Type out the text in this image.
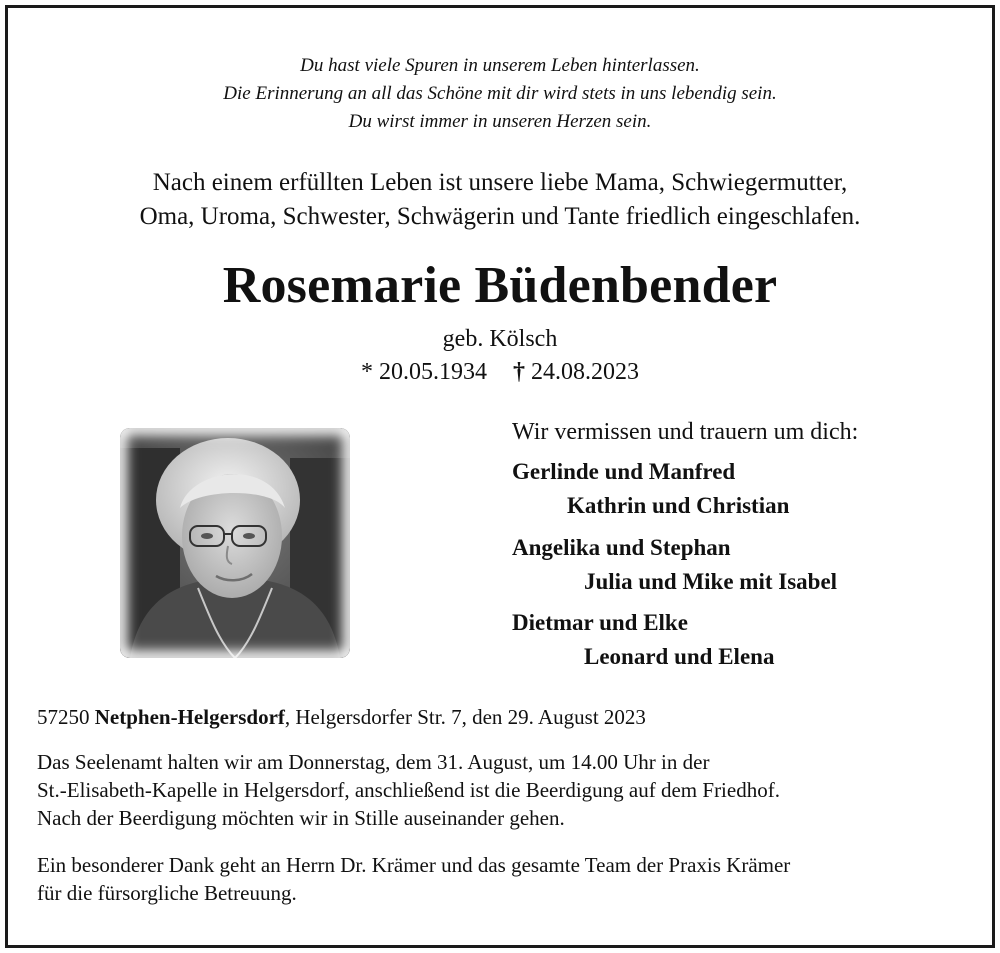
Du hast viele Spuren in unserem Leben hinterlassen.
Die Erinnerung an all das Schöne mit dir wird stets in uns lebendig sein.
Du wirst immer in unseren Herzen sein.
Nach einem erfüllten Leben ist unsere liebe Mama, Schwiegermutter,
Oma, Uroma, Schwester, Schwägerin und Tante friedlich eingeschlafen.
Rosemarie Büdenbender
geb. Kölsch
* 20.05.1934 † 24.08.2023
Wir vermissen und trauern um dich:
Gerlinde und Manfred
Kathrin und Christian
Angelika und Stephan
Julia und Mike mit Isabel
Dietmar und Elke
Leonard und Elena
57250 Netphen-Helgersdorf, Helgersdorfer Str. 7, den 29. August 2023
Das Seelenamt halten wir am Donnerstag, dem 31. August, um 14.00 Uhr in der
St.-Elisabeth-Kapelle in Helgersdorf, anschließend ist die Beerdigung auf dem Friedhof.
Nach der Beerdigung möchten wir in Stille auseinander gehen.
Ein besonderer Dank geht an Herrn Dr. Krämer und das gesamte Team der Praxis Krämer
für die fürsorgliche Betreuung.
